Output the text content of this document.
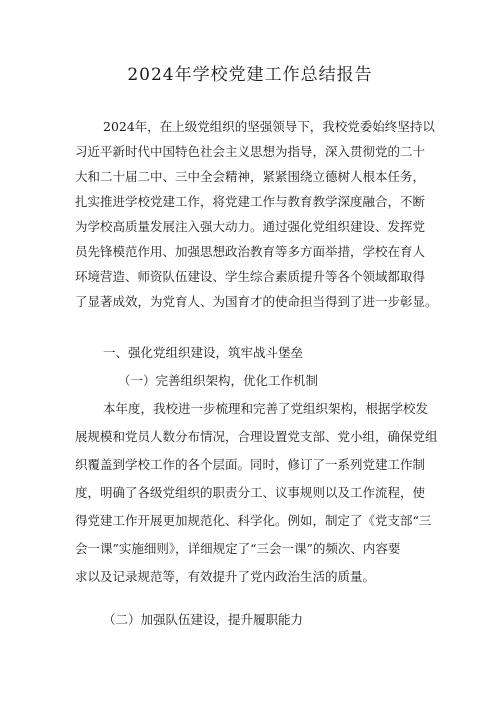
2024年学校党建工作总结报告
2024年，在上级党组织的坚强领导下，我校党委始终坚持以
习近平新时代中国特色社会主义思想为指导，深入贯彻党的二十
大和二十届二中、三中全会精神，紧紧围绕立德树人根本任务，
扎实推进学校党建工作，将党建工作与教育教学深度融合，不断
为学校高质量发展注入强大动力。通过强化党组织建设、发挥党
员先锋模范作用、加强思想政治教育等多方面举措，学校在育人
环境营造、师资队伍建设、学生综合素质提升等各个领域都取得
了显著成效，为党育人、为国育才的使命担当得到了进一步彰显。
一、强化党组织建设，筑牢战斗堡垒
（一）完善组织架构，优化工作机制
本年度，我校进一步梳理和完善了党组织架构，根据学校发
展规模和党员人数分布情况，合理设置党支部、党小组，确保党组
织覆盖到学校工作的各个层面。同时，修订了一系列党建工作制
度，明确了各级党组织的职责分工、议事规则以及工作流程，使
得党建工作开展更加规范化、科学化。例如，制定了《党支部“三
会一课”实施细则》，详细规定了“三会一课”的频次、内容要
求以及记录规范等，有效提升了党内政治生活的质量。
（二）加强队伍建设，提升履职能力
